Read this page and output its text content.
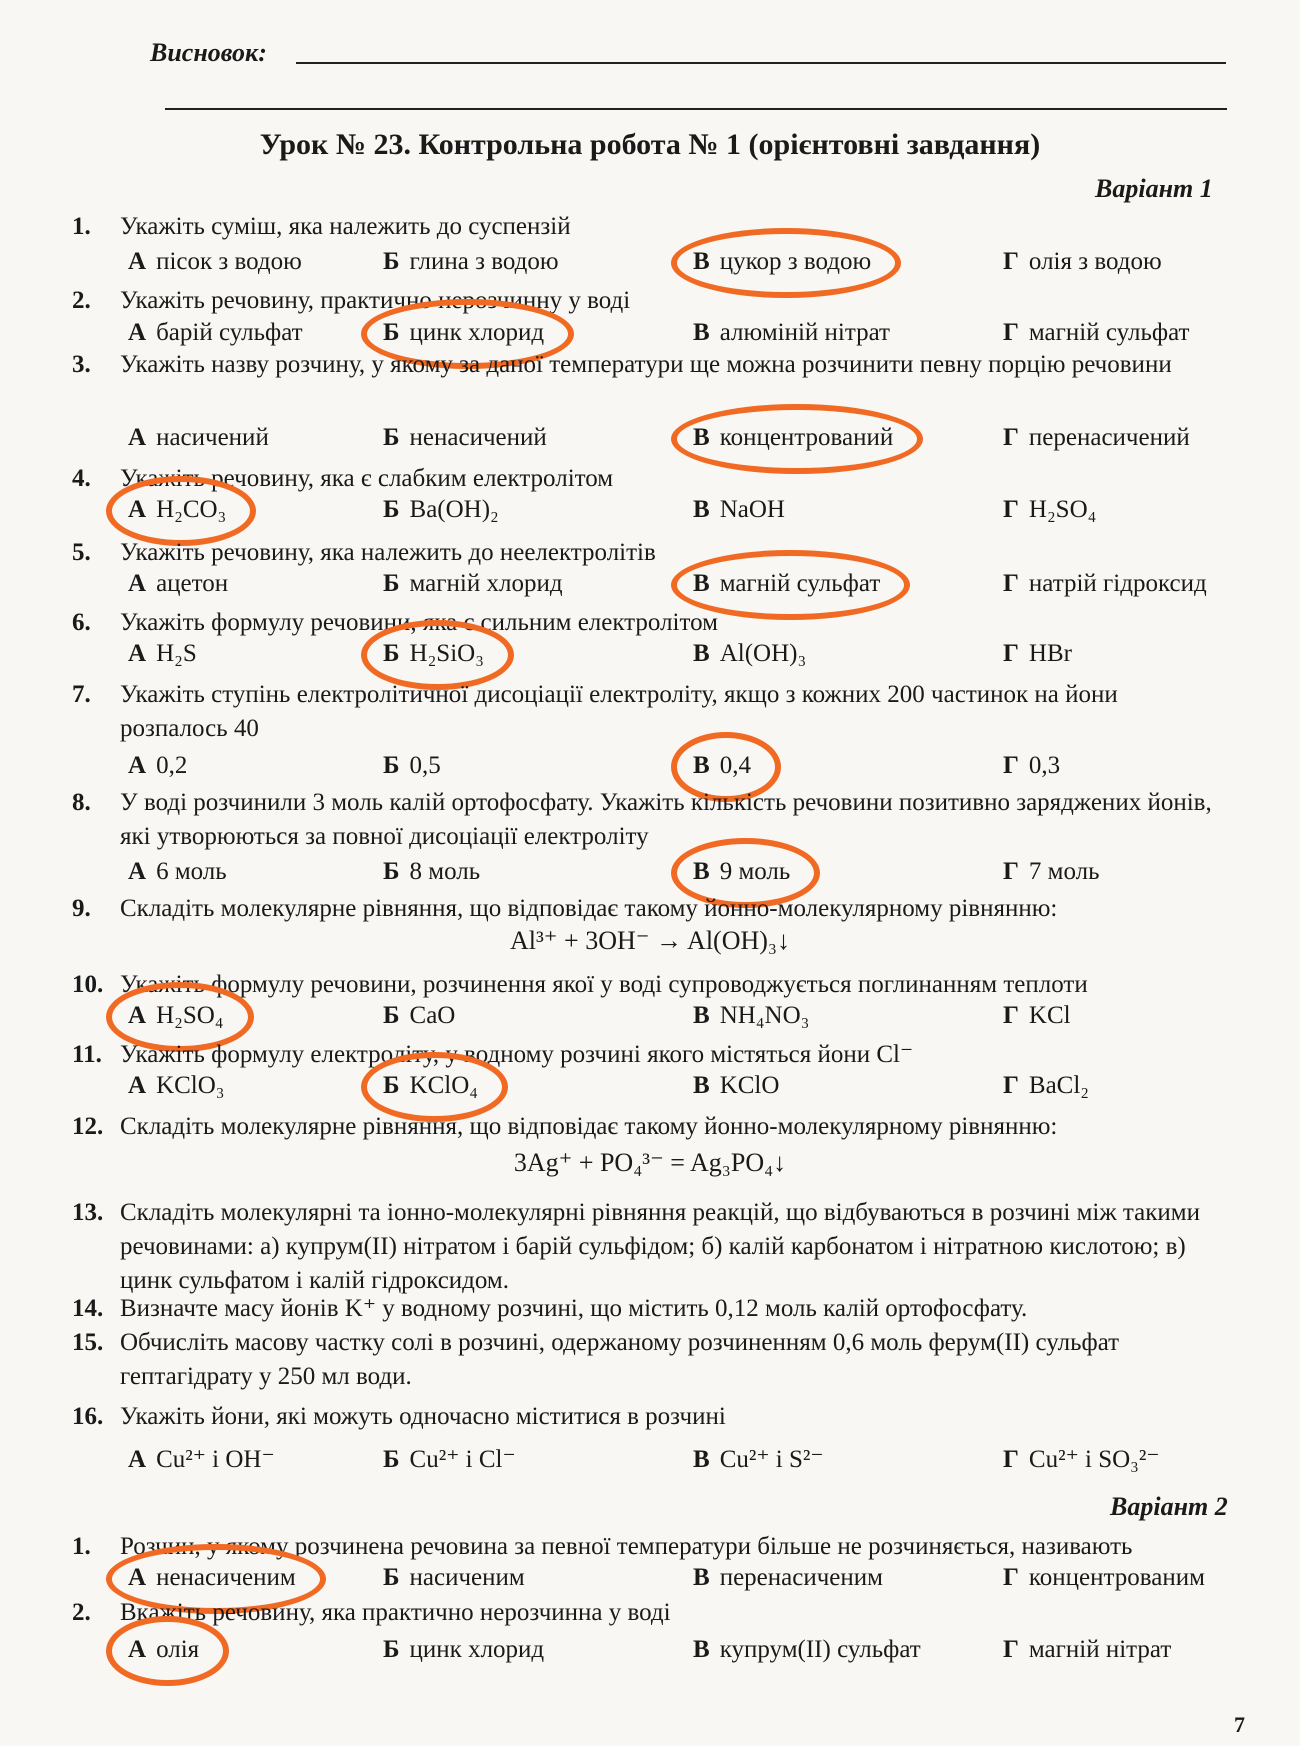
Висновок:
Урок № 23. Контрольна робота № 1 (орієнтовні завдання)
Варіант 1
1. Укажіть суміш, яка належить до суспензій
А пісок з водою	Б глина з водою	В цукор з водою	Г олія з водою
2. Укажіть речовину, практично нерозчинну у воді
А барій сульфат	Б цинк хлорид	В алюміній нітрат	Г магній сульфат
3. Укажіть назву розчину, у якому за даної температури ще можна розчинити певну порцію речовини
А насичений	Б ненасичений	В концентрований	Г перенасичений
4. Укажіть речовину, яка є слабким електролітом
А H₂CO₃	Б Ba(OH)₂	В NaOH	Г H₂SO₄
5. Укажіть речовину, яка належить до неелектролітів
А ацетон	Б магній хлорид	В магній сульфат	Г натрій гідроксид
6. Укажіть формулу речовини, яка є сильним електролітом
А H₂S	Б H₂SiO₃	В Al(OH)₃	Г HBr
7. Укажіть ступінь електролітичної дисоціації електроліту, якщо з кожних 200 частинок на йони розпалось 40
А 0,2	Б 0,5	В 0,4	Г 0,3
8. У воді розчинили 3 моль калій ортофосфату. Укажіть кількість речовини позитивно заряджених йонів, які утворюються за повної дисоціації електроліту
А 6 моль	Б 8 моль	В 9 моль	Г 7 моль
9. Складіть молекулярне рівняння, що відповідає такому йонно-молекулярному рівнянню:
Al³⁺ + 3OH⁻ → Al(OH)₃↓
10. Укажіть формулу речовини, розчинення якої у воді супроводжується поглинанням теплоти
А H₂SO₄	Б CaO	В NH₄NO₃	Г KCl
11. Укажіть формулу електроліту, у водному розчині якого містяться йони Cl⁻
А KClO₃	Б KClO₄	В KClO	Г BaCl₂
12. Складіть молекулярне рівняння, що відповідає такому йонно-молекулярному рівнянню:
3Ag⁺ + PO₄³⁻ = Ag₃PO₄↓
13. Складіть молекулярні та іонно-молекулярні рівняння реакцій, що відбуваються в розчині між такими речовинами: а) купрум(II) нітратом і барій сульфідом; б) калій карбонатом і нітратною кислотою; в) цинк сульфатом і калій гідроксидом.
14. Визначте масу йонів K⁺ у водному розчині, що містить 0,12 моль калій ортофосфату.
15. Обчисліть масову частку солі в розчині, одержаному розчиненням 0,6 моль ферум(II) сульфат гептагідрату у 250 мл води.
16. Укажіть йони, які можуть одночасно міститися в розчині
А Cu²⁺ і OH⁻	Б Cu²⁺ і Cl⁻	В Cu²⁺ і S²⁻	Г Cu²⁺ і SO₃²⁻
Варіант 2
1. Розчин, у якому розчинена речовина за певної температури більше не розчиняється, називають
А ненасиченим	Б насиченим	В перенасиченим	Г концентрованим
2. Вкажіть речовину, яка практично нерозчинна у воді
А олія	Б цинк хлорид	В купрум(II) сульфат	Г магній нітрат
7
